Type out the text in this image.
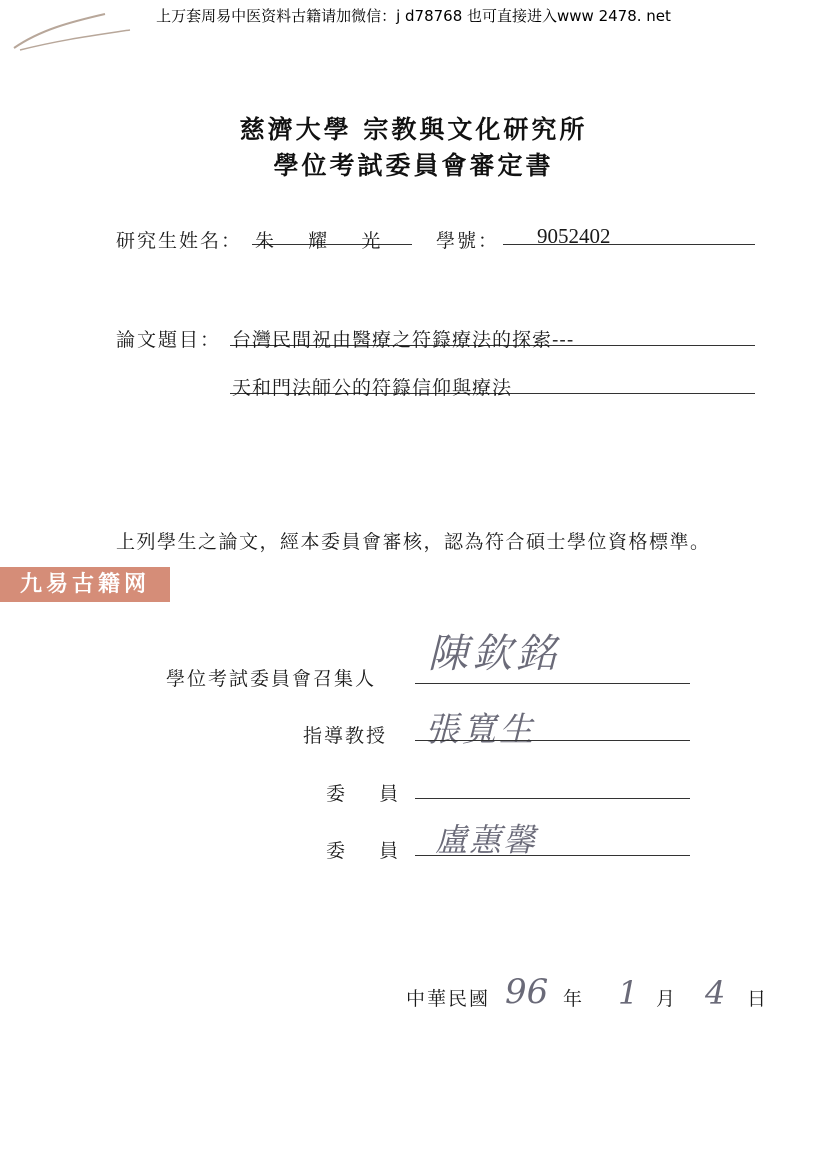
上万套周易中医资料古籍请加微信：j d78768 也可直接进入www 2478. net
慈濟大學 宗教與文化研究所
學位考試委員會審定書
研究生姓名： 朱    耀    光	學號： 9052402
論文題目： 台灣民間祝由醫療之符籙療法的探索---
天和門法師公的符籙信仰與療法
上列學生之論文，經本委員會審核，認為符合碩士學位資格標準。
九易古籍网
學位考試委員會召集人
陳欽銘
指導教授 張寬生
委    員
委    員 盧蕙馨
中華民國 96 年 1 月 4 日
